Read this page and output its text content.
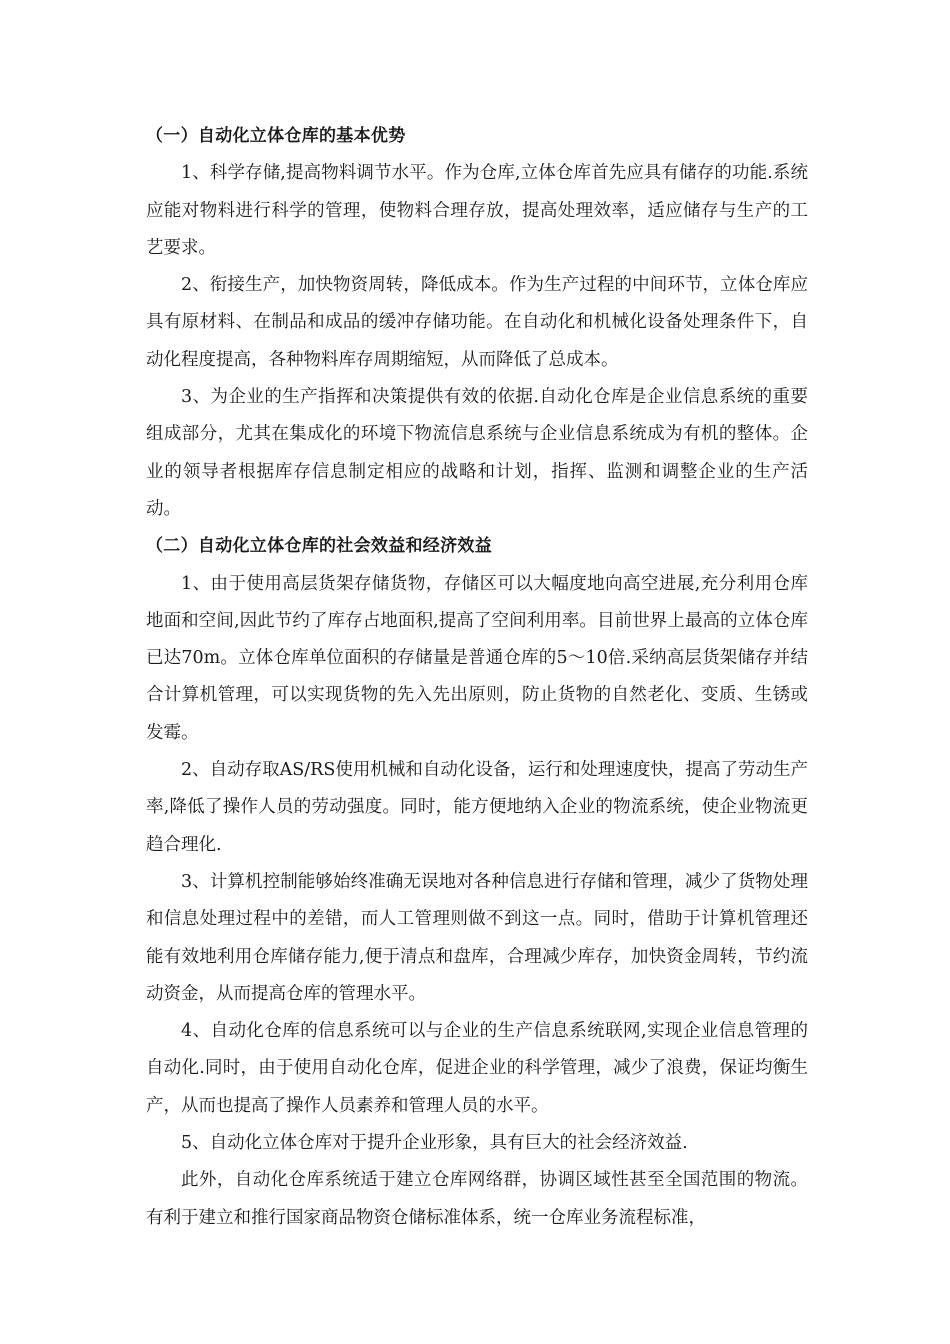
（一）自动化立体仓库的基本优势

1、科学存储,提高物料调节水平。作为仓库,立体仓库首先应具有储存的功能.系统应能对物料进行科学的管理，使物料合理存放，提高处理效率，适应储存与生产的工艺要求。

2、衔接生产，加快物资周转，降低成本。作为生产过程的中间环节，立体仓库应具有原材料、在制品和成品的缓冲存储功能。在自动化和机械化设备处理条件下，自动化程度提高，各种物料库存周期缩短，从而降低了总成本。

3、为企业的生产指挥和决策提供有效的依据.自动化仓库是企业信息系统的重要组成部分，尤其在集成化的环境下物流信息系统与企业信息系统成为有机的整体。企业的领导者根据库存信息制定相应的战略和计划，指挥、监测和调整企业的生产活动。

（二）自动化立体仓库的社会效益和经济效益

1、由于使用高层货架存储货物，存储区可以大幅度地向高空进展,充分利用仓库地面和空间,因此节约了库存占地面积,提高了空间利用率。目前世界上最高的立体仓库已达70m。立体仓库单位面积的存储量是普通仓库的5～10倍.采纳高层货架储存并结合计算机管理，可以实现货物的先入先出原则，防止货物的自然老化、变质、生锈或发霉。

2、自动存取AS/RS使用机械和自动化设备，运行和处理速度快，提高了劳动生产率,降低了操作人员的劳动强度。同时，能方便地纳入企业的物流系统，使企业物流更趋合理化.

3、计算机控制能够始终准确无误地对各种信息进行存储和管理，减少了货物处理和信息处理过程中的差错，而人工管理则做不到这一点。同时，借助于计算机管理还能有效地利用仓库储存能力,便于清点和盘库，合理减少库存，加快资金周转，节约流动资金，从而提高仓库的管理水平。

4、自动化仓库的信息系统可以与企业的生产信息系统联网,实现企业信息管理的自动化.同时，由于使用自动化仓库，促进企业的科学管理，减少了浪费，保证均衡生产，从而也提高了操作人员素养和管理人员的水平。

5、自动化立体仓库对于提升企业形象，具有巨大的社会经济效益.

此外，自动化仓库系统适于建立仓库网络群，协调区域性甚至全国范围的物流。有利于建立和推行国家商品物资仓储标准体系，统一仓库业务流程标准，
